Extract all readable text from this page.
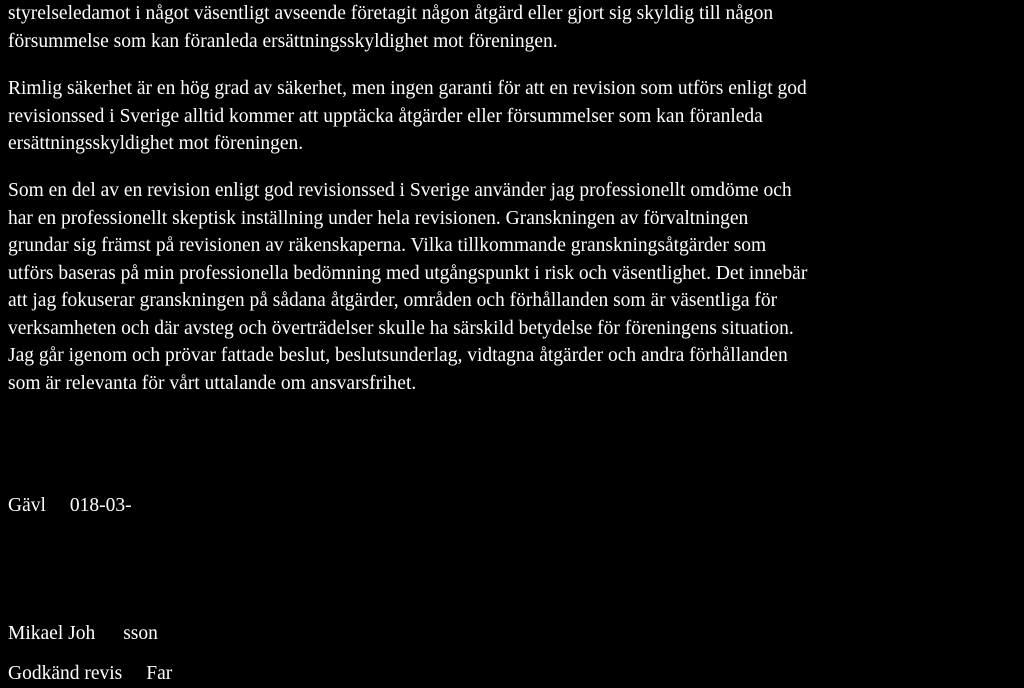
styrelseledamot i något väsentligt avseende företagit någon åtgärd eller gjort sig skyldig till någon
försummelse som kan föranleda ersättningsskyldighet mot föreningen.
Rimlig säkerhet är en hög grad av säkerhet, men ingen garanti för att en revision som utförs enligt god
revisionssed i Sverige alltid kommer att upptäcka åtgärder eller försummelser som kan föranleda
ersättningsskyldighet mot föreningen.
Som en del av en revision enligt god revisionssed i Sverige använder jag professionellt omdöme och
har en professionellt skeptisk inställning under hela revisionen. Granskningen av förvaltningen
grundar sig främst på revisionen av räkenskaperna. Vilka tillkommande granskningsåtgärder som
utförs baseras på min professionella bedömning med utgångspunkt i risk och väsentlighet. Det innebär
att jag fokuserar granskningen på sådana åtgärder, områden och förhållanden som är väsentliga för
verksamheten och där avsteg och överträdelser skulle ha särskild betydelse för föreningens situation.
Jag går igenom och prövar fattade beslut, beslutsunderlag, vidtagna åtgärder och andra förhållanden
som är relevanta för vårt uttalande om ansvarsfrihet.
Gävl 018-03-
Mikael Joh sson
Godkänd revis Far
